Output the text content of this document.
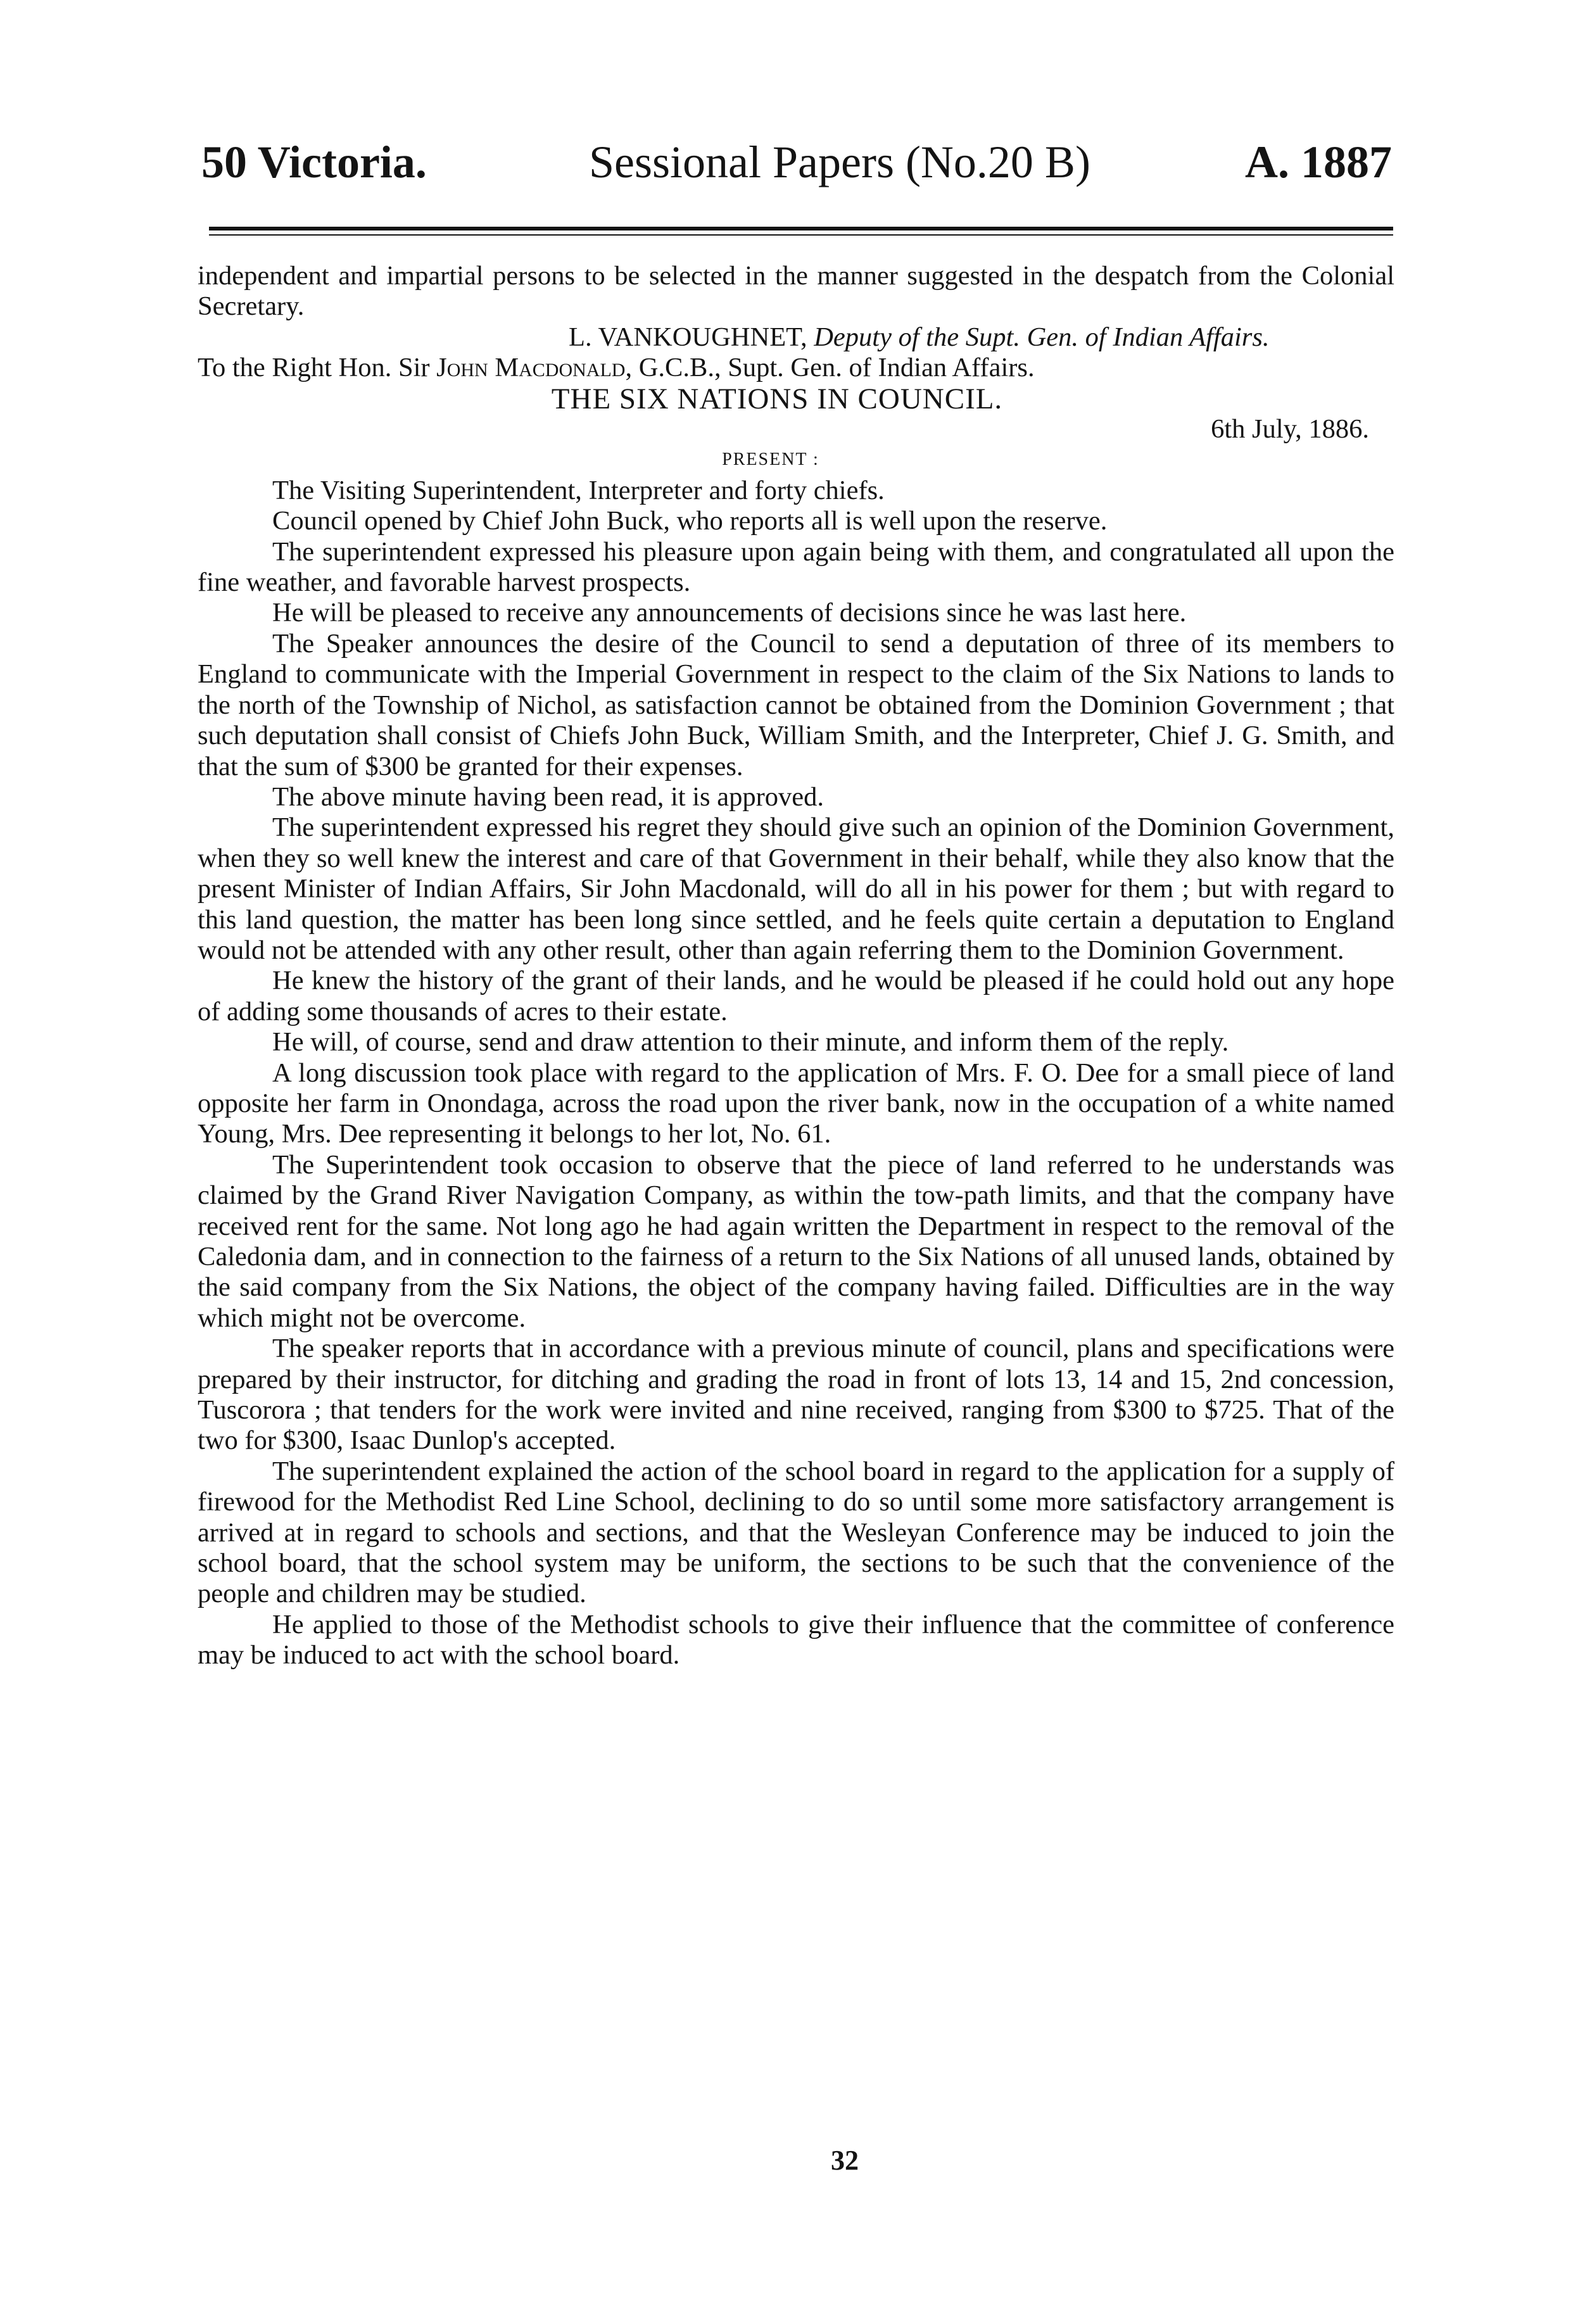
50 Victoria.	Sessional Papers (No.20 B)	A. 1887

independent and impartial persons to be selected in the manner suggested in the despatch from the Colonial Secretary.

L. VANKOUGHNET, Deputy of the Supt. Gen. of Indian Affairs.

To the Right Hon. Sir John Macdonald, G.C.B., Supt. Gen. of Indian Affairs.

THE SIX NATIONS IN COUNCIL.

6th July, 1886.

PRESENT :

The Visiting Superintendent, Interpreter and forty chiefs.

Council opened by Chief John Buck, who reports all is well upon the reserve.

The superintendent expressed his pleasure upon again being with them, and congratulated all upon the fine weather, and favorable harvest prospects.

He will be pleased to receive any announcements of decisions since he was last here.

The Speaker announces the desire of the Council to send a deputation of three of its members to England to communicate with the Imperial Government in respect to the claim of the Six Nations to lands to the north of the Township of Nichol, as satisfaction cannot be obtained from the Dominion Government ; that such deputation shall consist of Chiefs John Buck, William Smith, and the Interpreter, Chief J. G. Smith, and that the sum of $300 be granted for their expenses.

The above minute having been read, it is approved.

The superintendent expressed his regret they should give such an opinion of the Dominion Government, when they so well knew the interest and care of that Government in their behalf, while they also know that the present Minister of Indian Affairs, Sir John Macdonald, will do all in his power for them ; but with regard to this land question, the matter has been long since settled, and he feels quite certain a deputation to England would not be attended with any other result, other than again referring them to the Dominion Government.

He knew the history of the grant of their lands, and he would be pleased if he could hold out any hope of adding some thousands of acres to their estate.

He will, of course, send and draw attention to their minute, and inform them of the reply.

A long discussion took place with regard to the application of Mrs. F. O. Dee for a small piece of land opposite her farm in Onondaga, across the road upon the river bank, now in the occupation of a white named Young, Mrs. Dee representing it belongs to her lot, No. 61.

The Superintendent took occasion to observe that the piece of land referred to he understands was claimed by the Grand River Navigation Company, as within the tow-path limits, and that the company have received rent for the same. Not long ago he had again written the Department in respect to the removal of the Caledonia dam, and in connection to the fairness of a return to the Six Nations of all unused lands, obtained by the said company from the Six Nations, the object of the company having failed. Difficulties are in the way which might not be overcome.

The speaker reports that in accordance with a previous minute of council, plans and specifications were prepared by their instructor, for ditching and grading the road in front of lots 13, 14 and 15, 2nd concession, Tuscorora ; that tenders for the work were invited and nine received, ranging from $300 to $725. That of the two for $300, Isaac Dunlop's accepted.

The superintendent explained the action of the school board in regard to the application for a supply of firewood for the Methodist Red Line School, declining to do so until some more satisfactory arrangement is arrived at in regard to schools and sections, and that the Wesleyan Conference may be induced to join the school board, that the school system may be uniform, the sections to be such that the convenience of the people and children may be studied.

He applied to those of the Methodist schools to give their influence that the committee of conference may be induced to act with the school board.

32
